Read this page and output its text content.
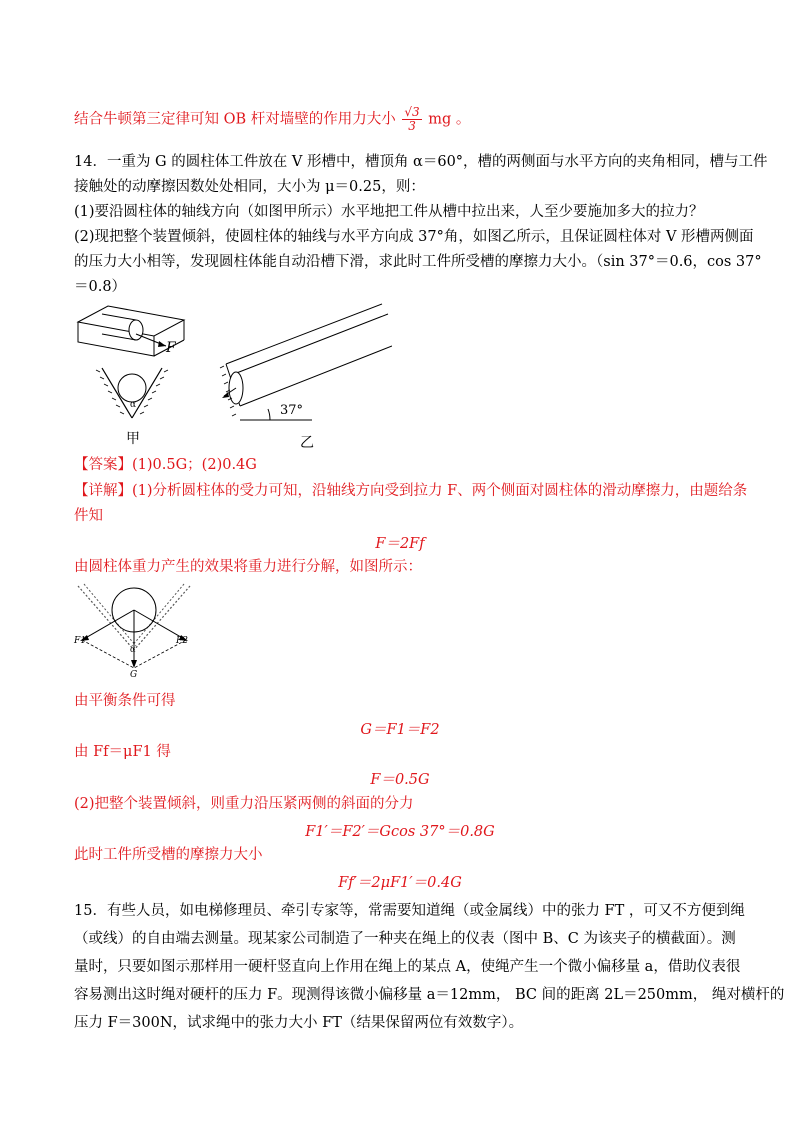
结合牛顿第三定律可知 OB 杆对墙壁的作用力大小 $\frac{√3}{3}$ mg 。
14．一重为 G 的圆柱体工件放在 V 形槽中，槽顶角 α＝60°，槽的两侧面与水平方向的夹角相同，槽与工件
接触处的动摩擦因数处处相同，大小为 μ＝0.25，则：
(1)要沿圆柱体的轴线方向（如图甲所示）水平地把工件从槽中拉出来，人至少要施加多大的拉力？
(2)现把整个装置倾斜，使圆柱体的轴线与水平方向成 37°角，如图乙所示，且保证圆柱体对 V 形槽两侧面
的压力大小相等，发现圆柱体能自动沿槽下滑，求此时工件所受槽的摩擦力大小。（sin 37°＝0.6，cos 37°
＝0.8）
F
α
甲
37°
乙
【答案】(1)0.5G；(2)0.4G
【详解】(1)分析圆柱体的受力可知，沿轴线方向受到拉力 F、两个侧面对圆柱体的滑动摩擦力，由题给条
件知
F＝2Ff
由圆柱体重力产生的效果将重力进行分解，如图所示：
F1	F2
α
G
由平衡条件可得
G＝F1＝F2
由 Ff＝μF1 得
F＝0.5G
(2)把整个装置倾斜，则重力沿压紧两侧的斜面的分力
F1′＝F2′＝Gcos 37°＝0.8G
此时工件所受槽的摩擦力大小
Ff′＝2μF1′＝0.4G
15．有些人员，如电梯修理员、牵引专家等，常需要知道绳（或金属线）中的张力 FT ，可又不方便到绳
（或线）的自由端去测量。现某家公司制造了一种夹在绳上的仪表（图中 B、C 为该夹子的横截面）。测
量时，只要如图示那样用一硬杆竖直向上作用在绳上的某点 A，使绳产生一个微小偏移量 a，借助仪表很
容易测出这时绳对硬杆的压力 F。现测得该微小偏移量 a＝12mm， BC 间的距离 2L＝250mm， 绳对横杆的
压力 F＝300N，试求绳中的张力大小 FT（结果保留两位有效数字）。
